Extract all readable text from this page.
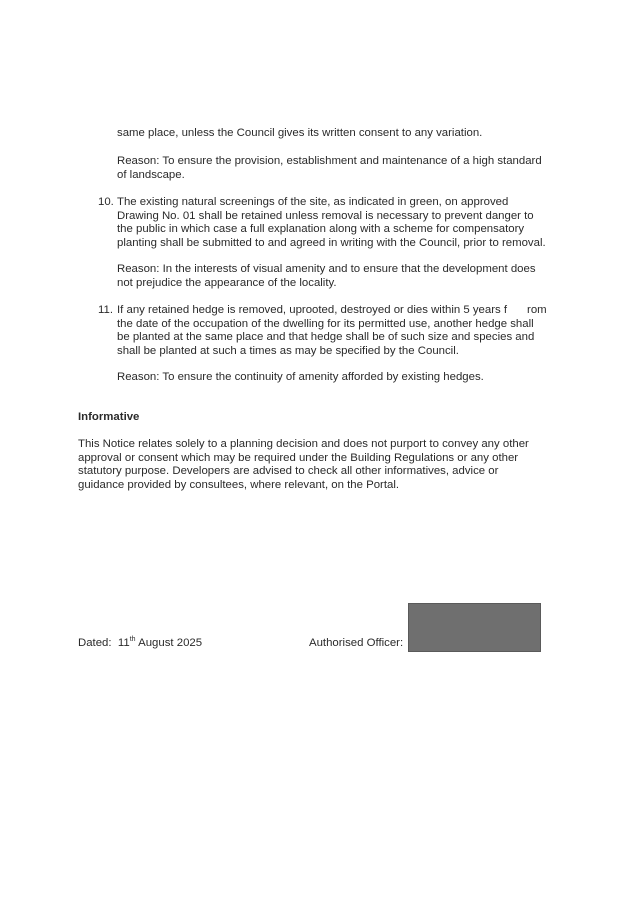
same place, unless the Council gives its written consent to any variation.

Reason: To ensure the provision, establishment and maintenance of a high standard
of landscape.

10. The existing natural screenings of the site, as indicated in green, on approved
Drawing No. 01 shall be retained unless removal is necessary to prevent danger to
the public in which case a full explanation along with a scheme for compensatory
planting shall be submitted to and agreed in writing with the Council, prior to removal.

Reason: In the interests of visual amenity and to ensure that the development does
not prejudice the appearance of the locality.

11. If any retained hedge is removed, uprooted, destroyed or dies within 5 years f rom
the date of the occupation of the dwelling for its permitted use, another hedge shall
be planted at the same place and that hedge shall be of such size and species and
shall be planted at such a times as may be specified by the Council.

Reason: To ensure the continuity of amenity afforded by existing hedges.

Informative

This Notice relates solely to a planning decision and does not purport to convey any other
approval or consent which may be required under the Building Regulations or any other
statutory purpose. Developers are advised to check all other informatives, advice or
guidance provided by consultees, where relevant, on the Portal.

Dated: 11th August 2025	Authorised Officer:
